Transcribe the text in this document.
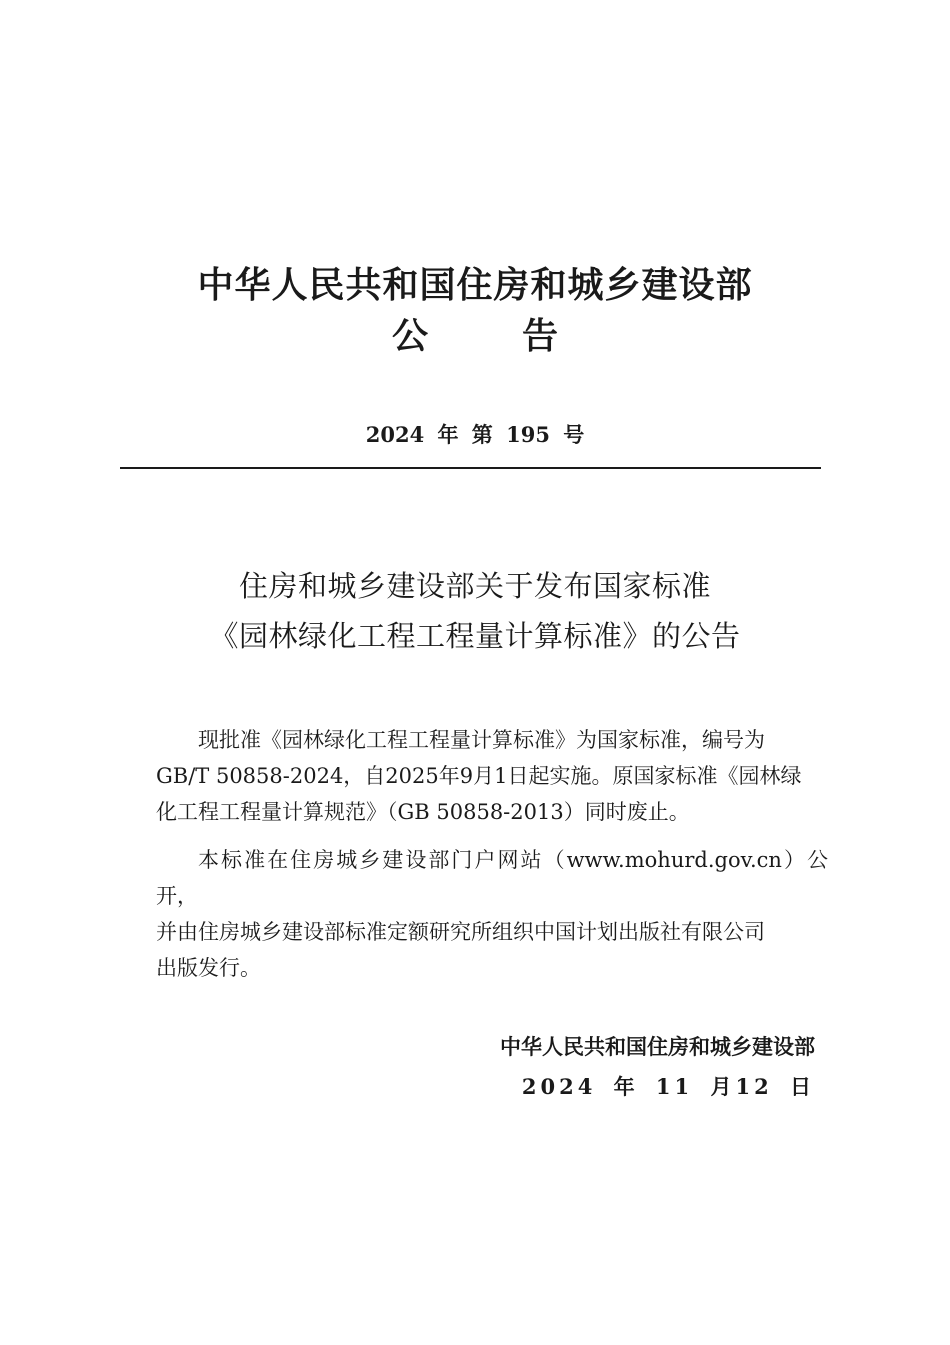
中华人民共和国住房和城乡建设部
公告
2024 年 第 195 号
住房和城乡建设部关于发布国家标准
《园林绿化工程工程量计算标准》的公告
现批准《园林绿化工程工程量计算标准》为国家标准，编号为
GB/T 50858-2024，自2025年9月1日起实施。原国家标准《园林绿
化工程工程量计算规范》（GB 50858-2013）同时废止。
本标准在住房城乡建设部门户网站（www.mohurd.gov.cn）公开，
并由住房城乡建设部标准定额研究所组织中国计划出版社有限公司
出版发行。
中华人民共和国住房和城乡建设部
2024 年 11 月12 日
